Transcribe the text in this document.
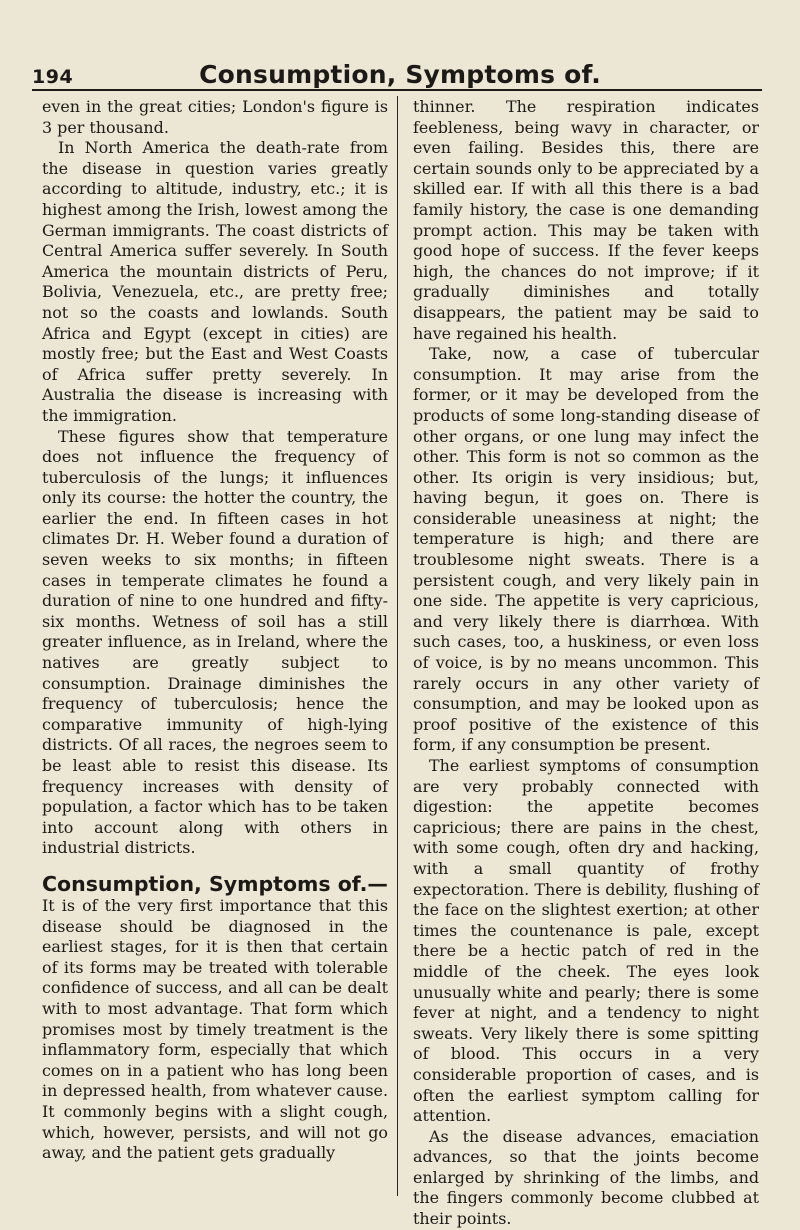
194	Consumption, Symptoms of.

even in the great cities; London's figure is 3 per thousand.

In North America the death-rate from the disease in question varies greatly according to altitude, industry, etc.; it is highest among the Irish, lowest among the German immigrants. The coast districts of Central America suffer severely. In South America the mountain districts of Peru, Bolivia, Venezuela, etc., are pretty free; not so the coasts and lowlands. South Africa and Egypt (except in cities) are mostly free; but the East and West Coasts of Africa suffer pretty severely. In Australia the disease is increasing with the immigration.

These figures show that temperature does not influence the frequency of tuberculosis of the lungs; it influences only its course: the hotter the country, the earlier the end. In fifteen cases in hot climates Dr. H. Weber found a duration of seven weeks to six months; in fifteen cases in temperate climates he found a duration of nine to one hundred and fifty-six months. Wetness of soil has a still greater influence, as in Ireland, where the natives are greatly subject to consumption. Drainage diminishes the frequency of tuberculosis; hence the comparative immunity of high-lying districts. Of all races, the negroes seem to be least able to resist this disease. Its frequency increases with density of population, a factor which has to be taken into account along with others in industrial districts.

Consumption, Symptoms of.—

It is of the very first importance that this disease should be diagnosed in the earliest stages, for it is then that certain of its forms may be treated with tolerable confidence of success, and all can be dealt with to most advantage. That form which promises most by timely treatment is the inflammatory form, especially that which comes on in a patient who has long been in depressed health, from whatever cause. It commonly begins with a slight cough, which, however, persists, and will not go away, and the patient gets gradually

thinner. The respiration indicates feebleness, being wavy in character, or even failing. Besides this, there are certain sounds only to be appreciated by a skilled ear. If with all this there is a bad family history, the case is one demanding prompt action. This may be taken with good hope of success. If the fever keeps high, the chances do not improve; if it gradually diminishes and totally disappears, the patient may be said to have regained his health.

Take, now, a case of tubercular consumption. It may arise from the former, or it may be developed from the products of some long-standing disease of other organs, or one lung may infect the other. This form is not so common as the other. Its origin is very insidious; but, having begun, it goes on. There is considerable uneasiness at night; the temperature is high; and there are troublesome night sweats. There is a persistent cough, and very likely pain in one side. The appetite is very capricious, and very likely there is diarrhœa. With such cases, too, a huskiness, or even loss of voice, is by no means uncommon. This rarely occurs in any other variety of consumption, and may be looked upon as proof positive of the existence of this form, if any consumption be present.

The earliest symptoms of consumption are very probably connected with digestion: the appetite becomes capricious; there are pains in the chest, with some cough, often dry and hacking, with a small quantity of frothy expectoration. There is debility, flushing of the face on the slightest exertion; at other times the countenance is pale, except there be a hectic patch of red in the middle of the cheek. The eyes look unusually white and pearly; there is some fever at night, and a tendency to night sweats. Very likely there is some spitting of blood. This occurs in a very considerable proportion of cases, and is often the earliest symptom calling for attention.

As the disease advances, emaciation advances, so that the joints become enlarged by shrinking of the limbs, and the fingers commonly become clubbed at their points.
